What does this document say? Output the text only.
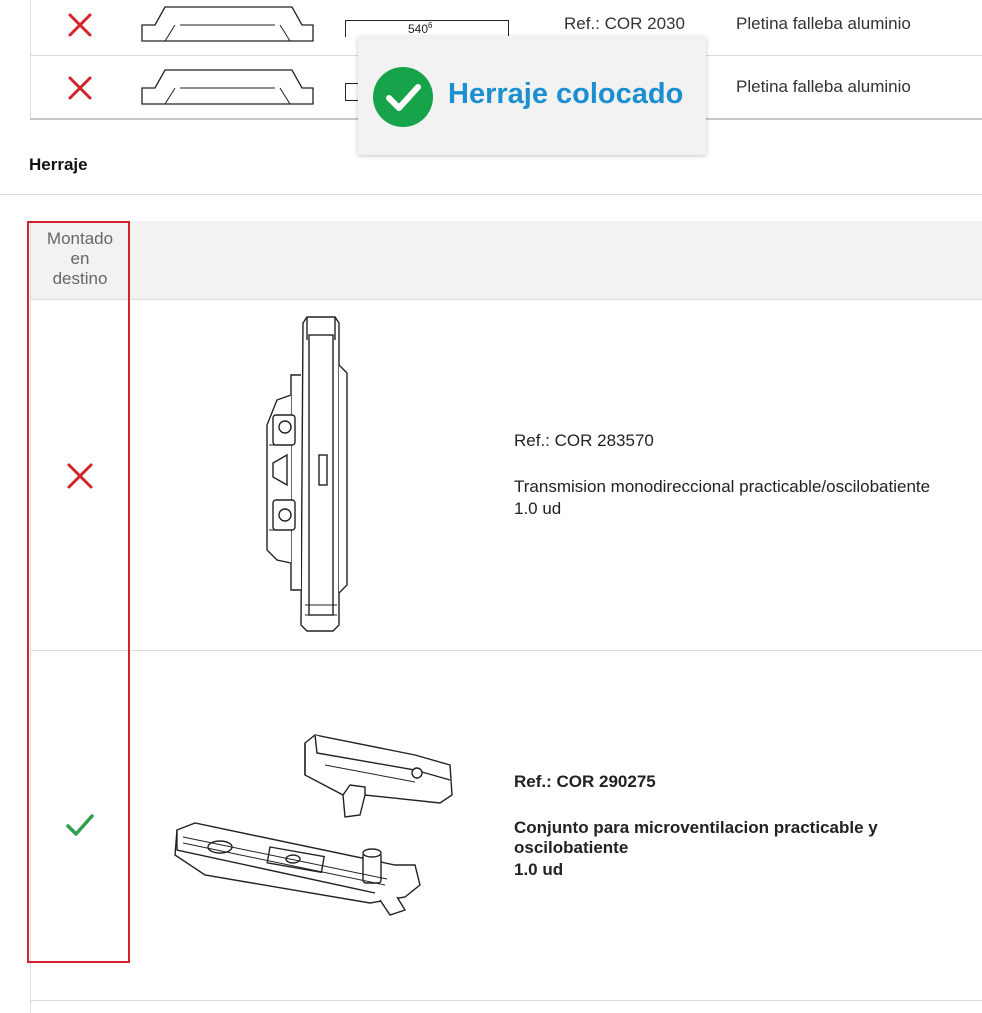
$540^6$	Ref.: COR 2030	Pletina falleba aluminio
Pletina falleba aluminio
Herraje
Montado
en
destino
Ref.: COR 283570
Transmision monodireccional practicable/oscilobatiente
1.0 ud
Ref.: COR 290275
Conjunto para microventilacion practicable y
oscilobatiente
1.0 ud
Herraje colocado
